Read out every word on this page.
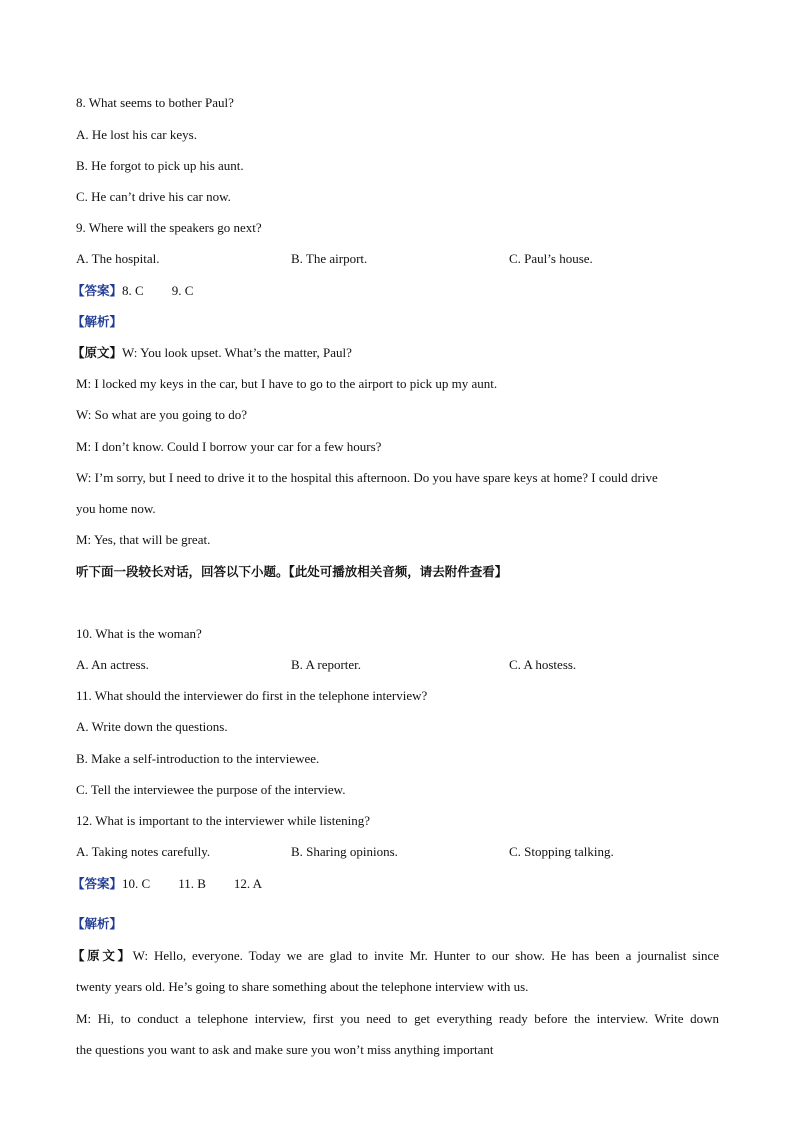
8. What seems to bother Paul?
A. He lost his car keys.
B. He forgot to pick up his aunt.
C. He can’t drive his car now.
9. Where will the speakers go next?
A. The hospital.	B. The airport.	C. Paul’s house.
【答案】8. C 9. C
【解析】
【原文】W: You look upset. What’s the matter, Paul?
M: I locked my keys in the car, but I have to go to the airport to pick up my aunt.
W: So what are you going to do?
M: I don’t know. Could I borrow your car for a few hours?
W: I’m sorry, but I need to drive it to the hospital this afternoon. Do you have spare keys at home? I could drive
you home now.
M: Yes, that will be great.
听下面一段较长对话，回答以下小题。【此处可播放相关音频，请去附件查看】
10. What is the woman?
A. An actress.	B. A reporter.	C. A hostess.
11. What should the interviewer do first in the telephone interview?
A. Write down the questions.
B. Make a self-introduction to the interviewee.
C. Tell the interviewee the purpose of the interview.
12. What is important to the interviewer while listening?
A. Taking notes carefully.	B. Sharing opinions.	C. Stopping talking.
【答案】10. C 11. B 12. A
【解析】
【原文】W: Hello, everyone. Today we are glad to invite Mr. Hunter to our show. He has been a journalist since
twenty years old. He’s going to share something about the telephone interview with us.
M: Hi, to conduct a telephone interview, first you need to get everything ready before the interview. Write down
the questions you want to ask and make sure you won’t miss anything important
